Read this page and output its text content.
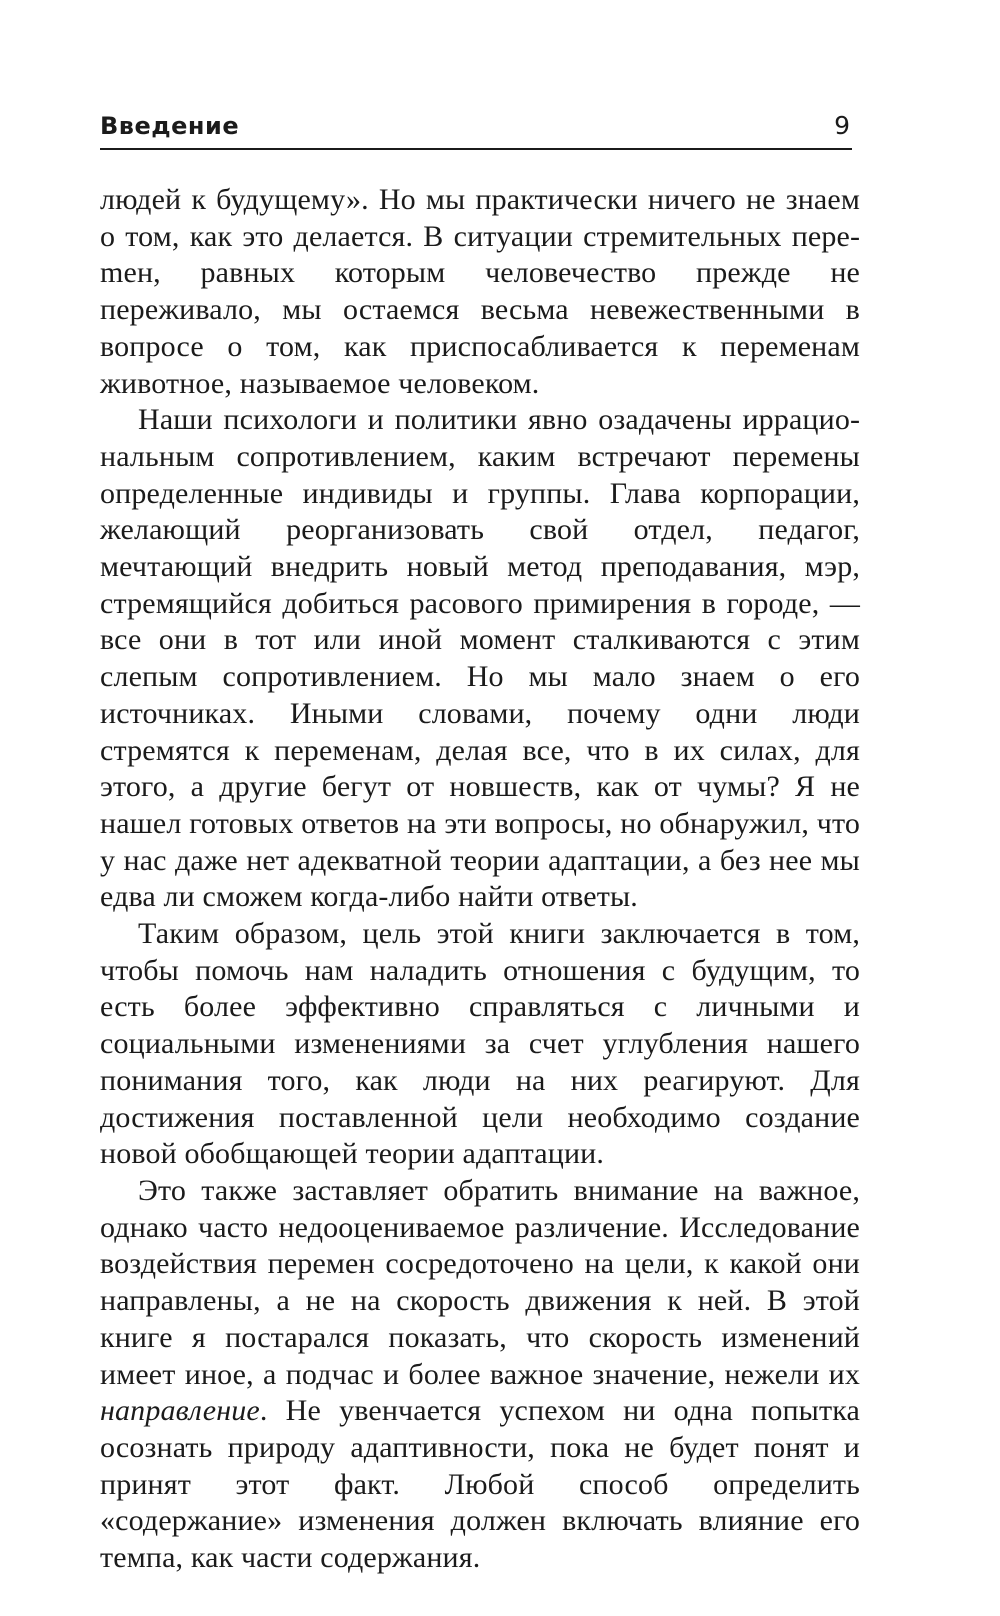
Введение	9

людей к будущему». Но мы практически ничего не знаем о том, как это делается. В ситуации стремительных переmен, равных которым человечество прежде не переживало, мы остаемся весьма невежественными в вопросе о том, как приспосабливается к переменам животное, называемое человеком.

Наши психологи и политики явно озадачены иррациональным сопротивлением, каким встречают перемены определенные индивиды и группы. Глава корпорации, желающий реорганизовать свой отдел, педагог, мечтающий внедрить новый метод преподавания, мэр, стремящийся добиться расового примирения в городе, — все они в тот или иной момент сталкиваются с этим слепым сопротивлением. Но мы мало знаем о его источниках. Иными словами, почему одни люди стремятся к переменам, делая все, что в их силах, для этого, а другие бегут от новшеств, как от чумы? Я не нашел готовых ответов на эти вопросы, но обнаружил, что у нас даже нет адекватной теории адаптации, а без нее мы едва ли сможем когда-либо найти ответы.

Таким образом, цель этой книги заключается в том, чтобы помочь нам наладить отношения с будущим, то есть более эффективно справляться с личными и социальными изменениями за счет углубления нашего понимания того, как люди на них реагируют. Для достижения поставленной цели необходимо создание новой обобщающей теории адаптации.

Это также заставляет обратить внимание на важное, однако часто недооцениваемое различение. Исследование воздействия перемен сосредоточено на цели, к какой они направлены, а не на скорость движения к ней. В этой книге я постарался показать, что скорость изменений имеет иное, а подчас и более важное значение, нежели их направление. Не увенчается успехом ни одна попытка осознать природу адаптивности, пока не будет понят и принят этот факт. Любой способ определить «содержание» изменения должен включать влияние его темпа, как части содержания.
